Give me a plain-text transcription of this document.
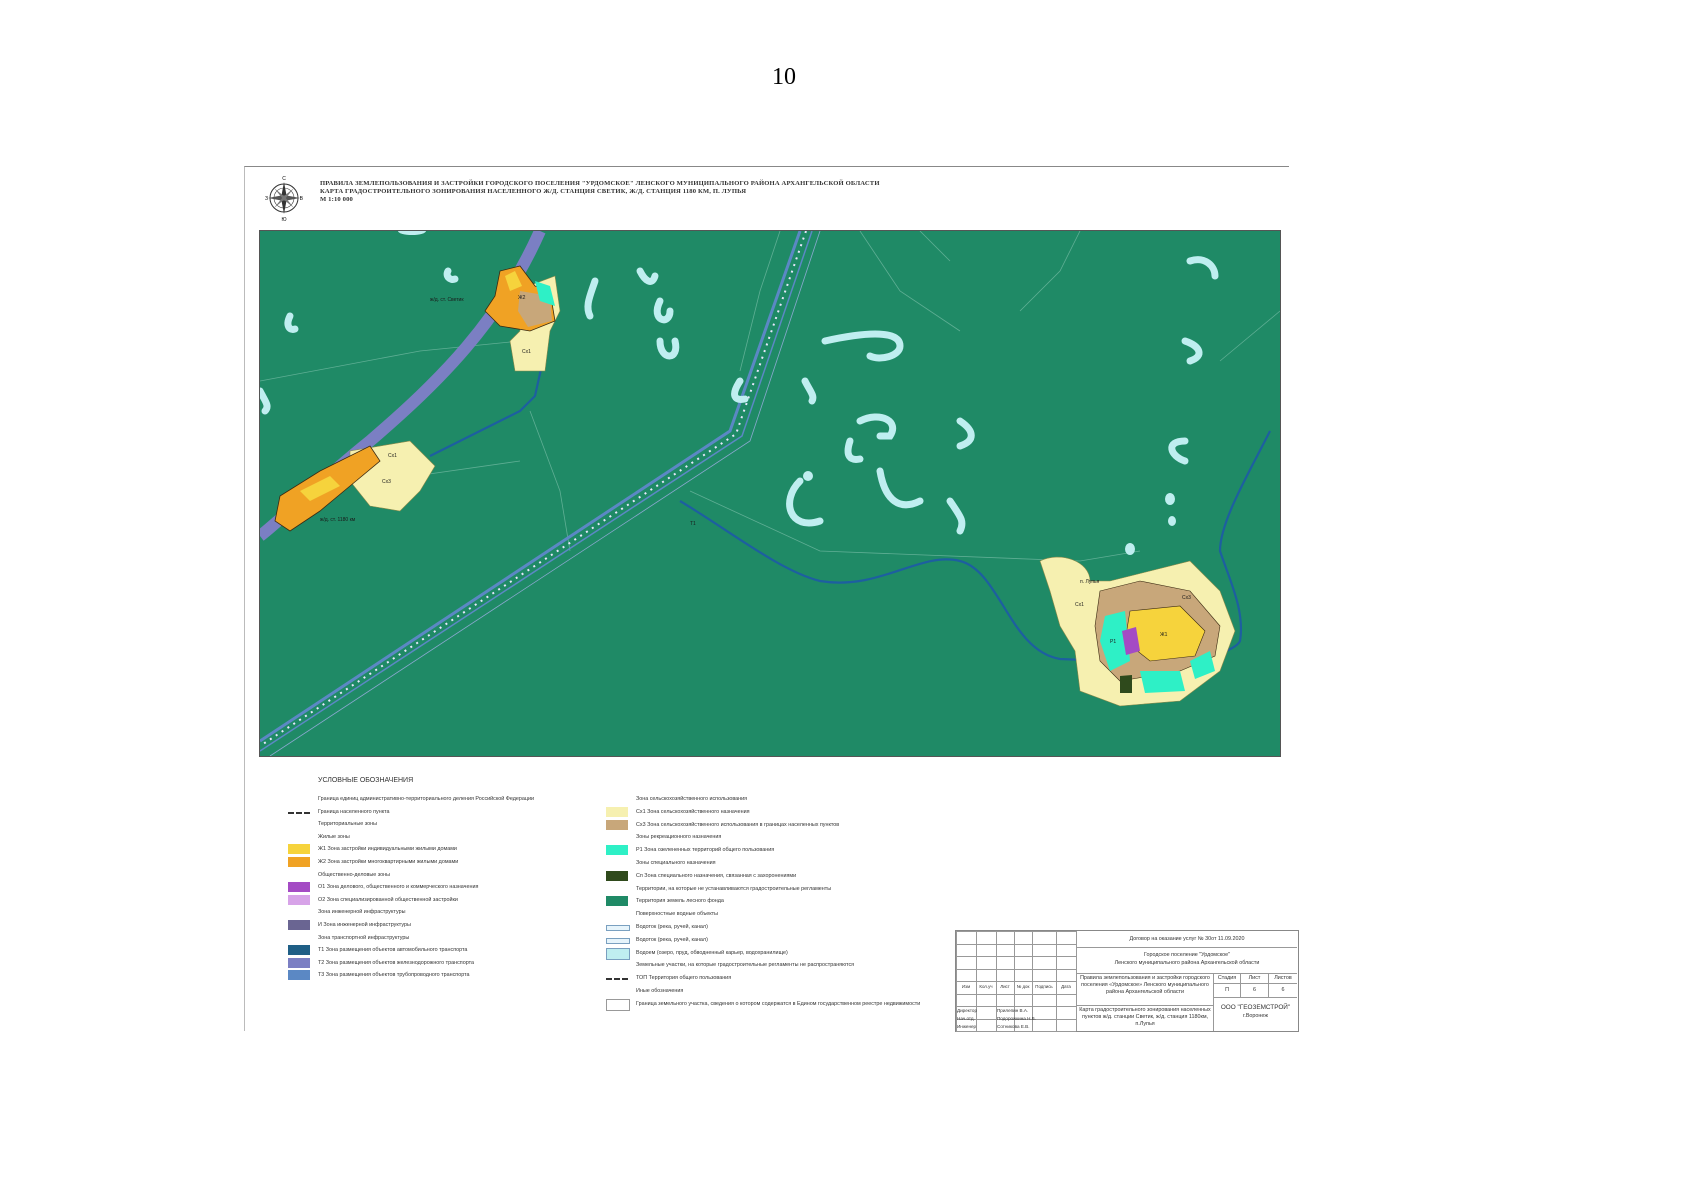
10
С
Ю
В
З
ПРАВИЛА ЗЕМЛЕПОЛЬЗОВАНИЯ И ЗАСТРОЙКИ ГОРОДСКОГО ПОСЕЛЕНИЯ "УРДОМСКОЕ" ЛЕНСКОГО МУНИЦИПАЛЬНОГО РАЙОНА АРХАНГЕЛЬСКОЙ ОБЛАСТИ
КАРТА ГРАДОСТРОИТЕЛЬНОГО ЗОНИРОВАНИЯ НАСЕЛЕННОГО Ж/Д. СТАНЦИЯ СВЕТИК, Ж/Д. СТАНЦИЯ 1180 КМ, П. ЛУПЬЯ
М 1:10 000
ж/д. ст. Светик
ж/д. ст. 1180 км
п. Лупья
Сх1
Сх1
Сх3
Сх1
Сх3
Ж1
Ж2
Р1
Т1
УСЛОВНЫЕ ОБОЗНАЧЕНИЯ
Граница единиц административно-территориального деления Российской Федерации
Граница населенного пункта
Территориальные зоны
Жилые зоны
Ж1 Зона застройки индивидуальными жилыми домами
Ж2 Зона застройки многоквартирными жилыми домами
Общественно-деловые зоны
О1 Зона делового, общественного и коммерческого назначения
О2 Зона специализированной общественной застройки
Зона инженерной инфраструктуры
И Зона инженерной инфраструктуры
Зона транспортной инфраструктуры
Т1 Зона размещения объектов автомобильного транспорта
Т2 Зона размещения объектов железнодорожного транспорта
Т3 Зона размещения объектов трубопроводного транспорта
Зона сельскохозяйственного использования
Сх1 Зона сельскохозяйственного назначения
Сх3 Зона сельскохозяйственного использования в границах населенных пунктов
Зоны рекреационного назначения
Р1 Зона озелененных территорий общего пользования
Зоны специального назначения
Сп Зона специального назначения, связанная с захоронениями
Территории, на которые не устанавливаются градостроительные регламенты
Территория земель лесного фонда
Поверхностные водные объекты
Водоток (река, ручей, канал)
Водоток (река, ручей, канал)
Водоем (озеро, пруд, обводненный карьер, водохранилище)
Земельные участки, на которые градостроительные регламенты не распространяются
ТОП Территория общего пользования
Иные обозначения
Граница земельного участка, сведения о котором содержатся в Едином государственном реестре недвижимости
Договор на оказание услуг № 30от 11.09.2020
Городское поселение "Урдомское"
Ленского муниципального района Архангельской области
Правила землепользования и застройки городского поселения «Урдомское» Ленского муниципального района Архангельской области
Карта градостроительного зонирования населенных пунктов ж/д. станции Светик, ж/д. станция 1180км, п.Лупья
Стадия	Лист	Листов
П	6	6
ООО "ГЕОЗЕМСТРОЙ"
г.Воронеж
Изм	Кол.уч	Лист	№ док	Подпись	Дата
Директор	Прилепин В.А.
Нач.отд.	Подорожкина Н.В.
Инженер	Сотникова Е.В.
